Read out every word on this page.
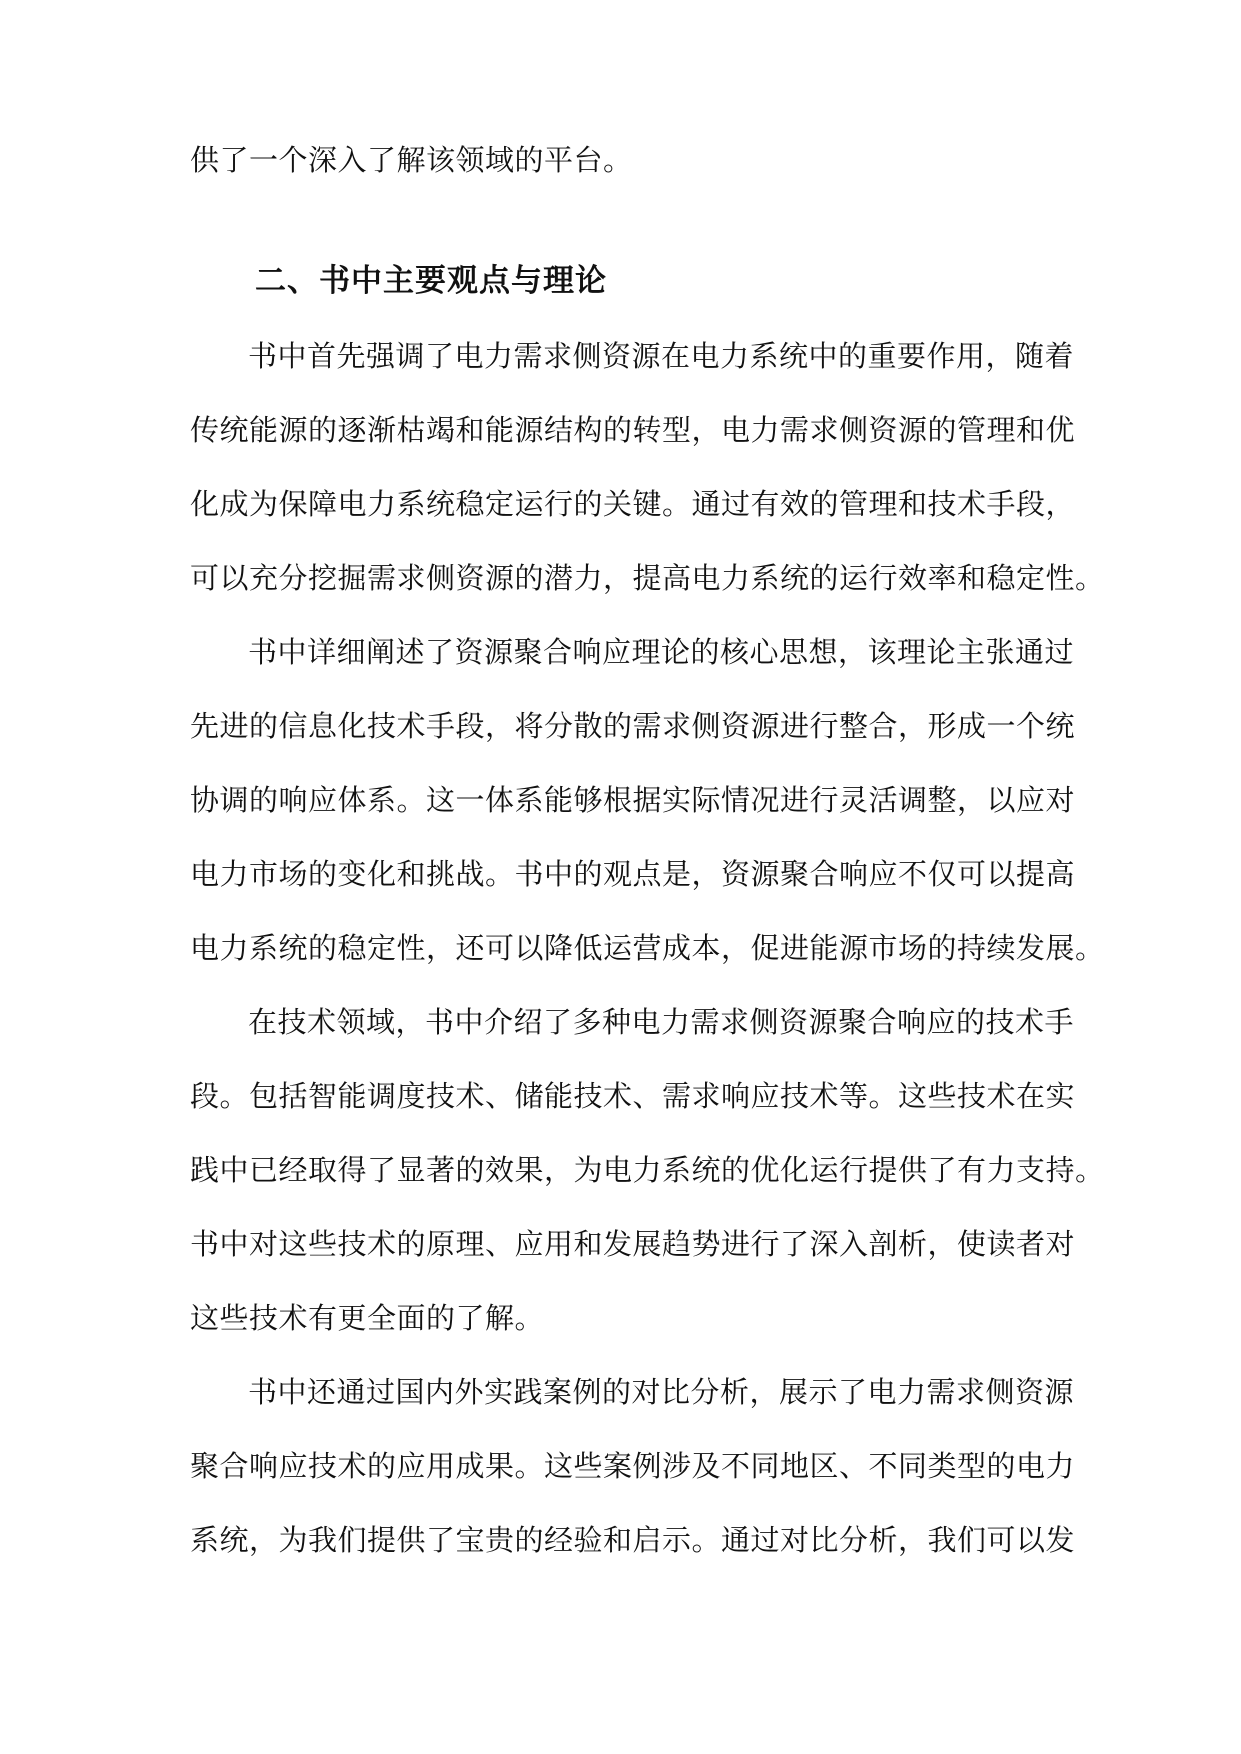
供了一个深入了解该领域的平台。
二、书中主要观点与理论
书中首先强调了电力需求侧资源在电力系统中的重要作用，随着
传统能源的逐渐枯竭和能源结构的转型，电力需求侧资源的管理和优
化成为保障电力系统稳定运行的关键。通过有效的管理和技术手段，
可以充分挖掘需求侧资源的潜力，提高电力系统的运行效率和稳定性。
书中详细阐述了资源聚合响应理论的核心思想，该理论主张通过
先进的信息化技术手段，将分散的需求侧资源进行整合，形成一个统
协调的响应体系。这一体系能够根据实际情况进行灵活调整，以应对
电力市场的变化和挑战。书中的观点是，资源聚合响应不仅可以提高
电力系统的稳定性，还可以降低运营成本，促进能源市场的持续发展。
在技术领域，书中介绍了多种电力需求侧资源聚合响应的技术手
段。包括智能调度技术、储能技术、需求响应技术等。这些技术在实
践中已经取得了显著的效果，为电力系统的优化运行提供了有力支持。
书中对这些技术的原理、应用和发展趋势进行了深入剖析，使读者对
这些技术有更全面的了解。
书中还通过国内外实践案例的对比分析，展示了电力需求侧资源
聚合响应技术的应用成果。这些案例涉及不同地区、不同类型的电力
系统，为我们提供了宝贵的经验和启示。通过对比分析，我们可以发
